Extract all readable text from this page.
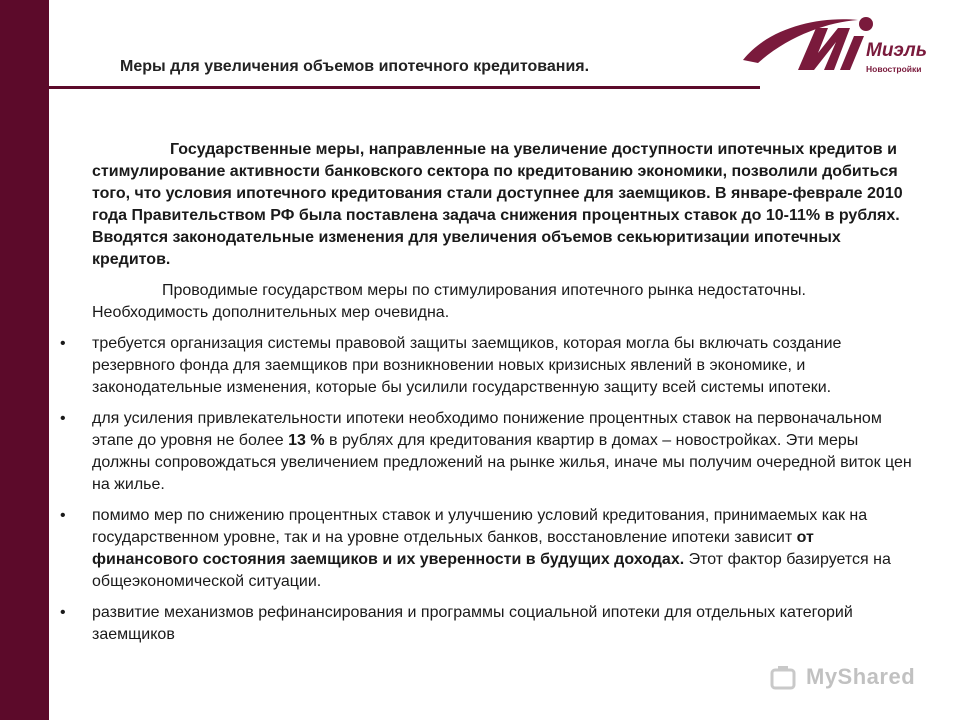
Меры для увеличения объемов ипотечного кредитования.
Миэль
Новостройки

Государственные меры, направленные на увеличение доступности ипотечных кредитов и стимулирование активности банковского сектора по кредитованию экономики, позволили добиться того, что условия ипотечного кредитования стали доступнее для заемщиков. В январе-феврале 2010 года Правительством РФ была поставлена задача снижения процентных ставок до 10-11% в рублях. Вводятся законодательные изменения для увеличения объемов секьюритизации ипотечных кредитов.

Проводимые государством меры по стимулирования ипотечного рынка недостаточны. Необходимость дополнительных мер очевидна.

• требуется организация системы правовой защиты заемщиков, которая могла бы включать создание резервного фонда для заемщиков при возникновении новых кризисных явлений в экономике, и законодательные изменения, которые бы усилили государственную защиту всей системы ипотеки.
• для усиления привлекательности ипотеки необходимо понижение процентных ставок на первоначальном этапе до уровня не более 13 % в рублях для кредитования квартир в домах – новостройках. Эти меры должны сопровождаться увеличением предложений на рынке жилья, иначе мы получим очередной виток цен на жилье.
• помимо мер по снижению процентных ставок и улучшению условий кредитования, принимаемых как на государственном уровне, так и на уровне отдельных банков, восстановление ипотеки зависит от финансового состояния заемщиков и их уверенности в будущих доходах. Этот фактор базируется на общеэкономической ситуации.
• развитие механизмов рефинансирования и программы социальной ипотеки для отдельных категорий заемщиков
MyShared
